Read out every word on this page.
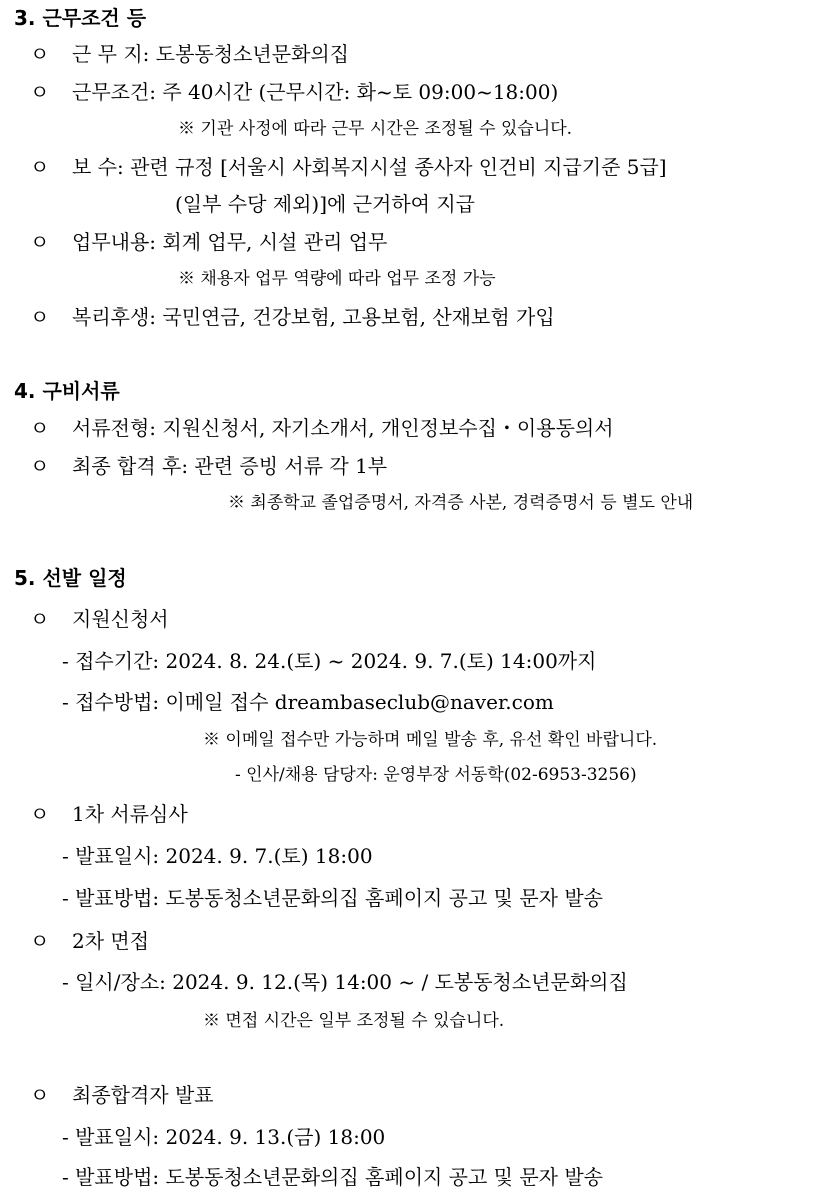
3. 근무조건 등
ㅇ 근 무 지: 도봉동청소년문화의집
ㅇ 근무조건: 주 40시간 (근무시간: 화~토 09:00~18:00)
※ 기관 사정에 따라 근무 시간은 조정될 수 있습니다.
ㅇ 보 수: 관련 규정 [서울시 사회복지시설 종사자 인건비 지급기준 5급]
(일부 수당 제외)]에 근거하여 지급
ㅇ 업무내용: 회계 업무, 시설 관리 업무
※ 채용자 업무 역량에 따라 업무 조정 가능
ㅇ 복리후생: 국민연금, 건강보험, 고용보험, 산재보험 가입
4. 구비서류
ㅇ 서류전형: 지원신청서, 자기소개서, 개인정보수집・이용동의서
ㅇ 최종 합격 후: 관련 증빙 서류 각 1부
※ 최종학교 졸업증명서, 자격증 사본, 경력증명서 등 별도 안내
5. 선발 일정
ㅇ 지원신청서
- 접수기간: 2024. 8. 24.(토) ~ 2024. 9. 7.(토) 14:00까지
- 접수방법: 이메일 접수 dreambaseclub@naver.com
※ 이메일 접수만 가능하며 메일 발송 후, 유선 확인 바랍니다.
- 인사/채용 담당자: 운영부장 서동학(02-6953-3256)
ㅇ 1차 서류심사
- 발표일시: 2024. 9. 7.(토) 18:00
- 발표방법: 도봉동청소년문화의집 홈페이지 공고 및 문자 발송
ㅇ 2차 면접
- 일시/장소: 2024. 9. 12.(목) 14:00 ~ / 도봉동청소년문화의집
※ 면접 시간은 일부 조정될 수 있습니다.
ㅇ 최종합격자 발표
- 발표일시: 2024. 9. 13.(금) 18:00
- 발표방법: 도봉동청소년문화의집 홈페이지 공고 및 문자 발송
